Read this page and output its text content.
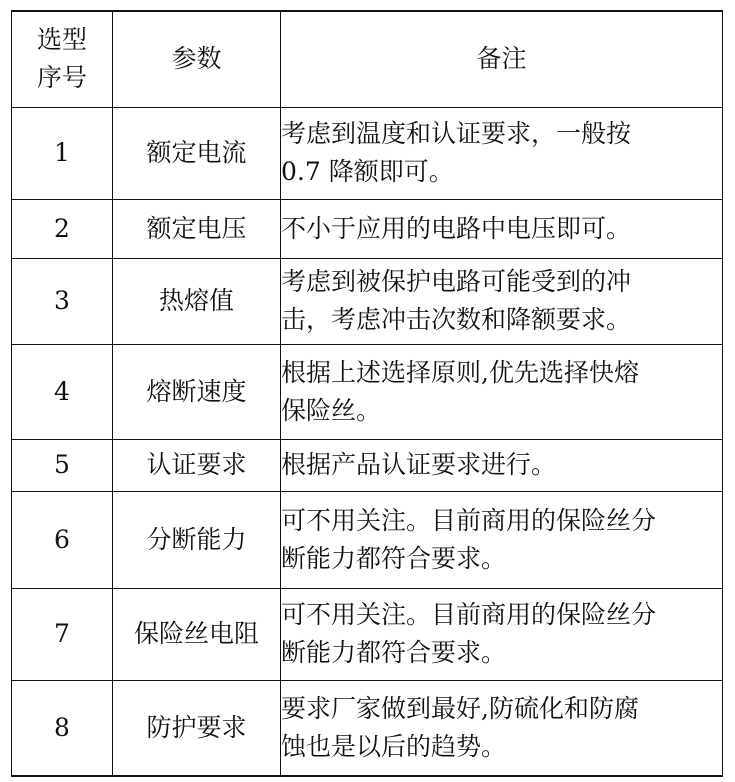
选型
序号	参数	备注
1	额定电流	考虑到温度和认证要求，一般按
0.7 降额即可。

2	额定电压	不小于应用的电路中电压即可。

3	热熔值	考虑到被保护电路可能受到的冲
击，考虑冲击次数和降额要求。

4	熔断速度	根据上述选择原则,优先选择快熔
保险丝。

5	认证要求	根据产品认证要求进行。

6	分断能力	可不用关注。目前商用的保险丝分
断能力都符合要求。

7	保险丝电阻	可不用关注。目前商用的保险丝分
断能力都符合要求。

8	防护要求	要求厂家做到最好,防硫化和防腐
蚀也是以后的趋势。
